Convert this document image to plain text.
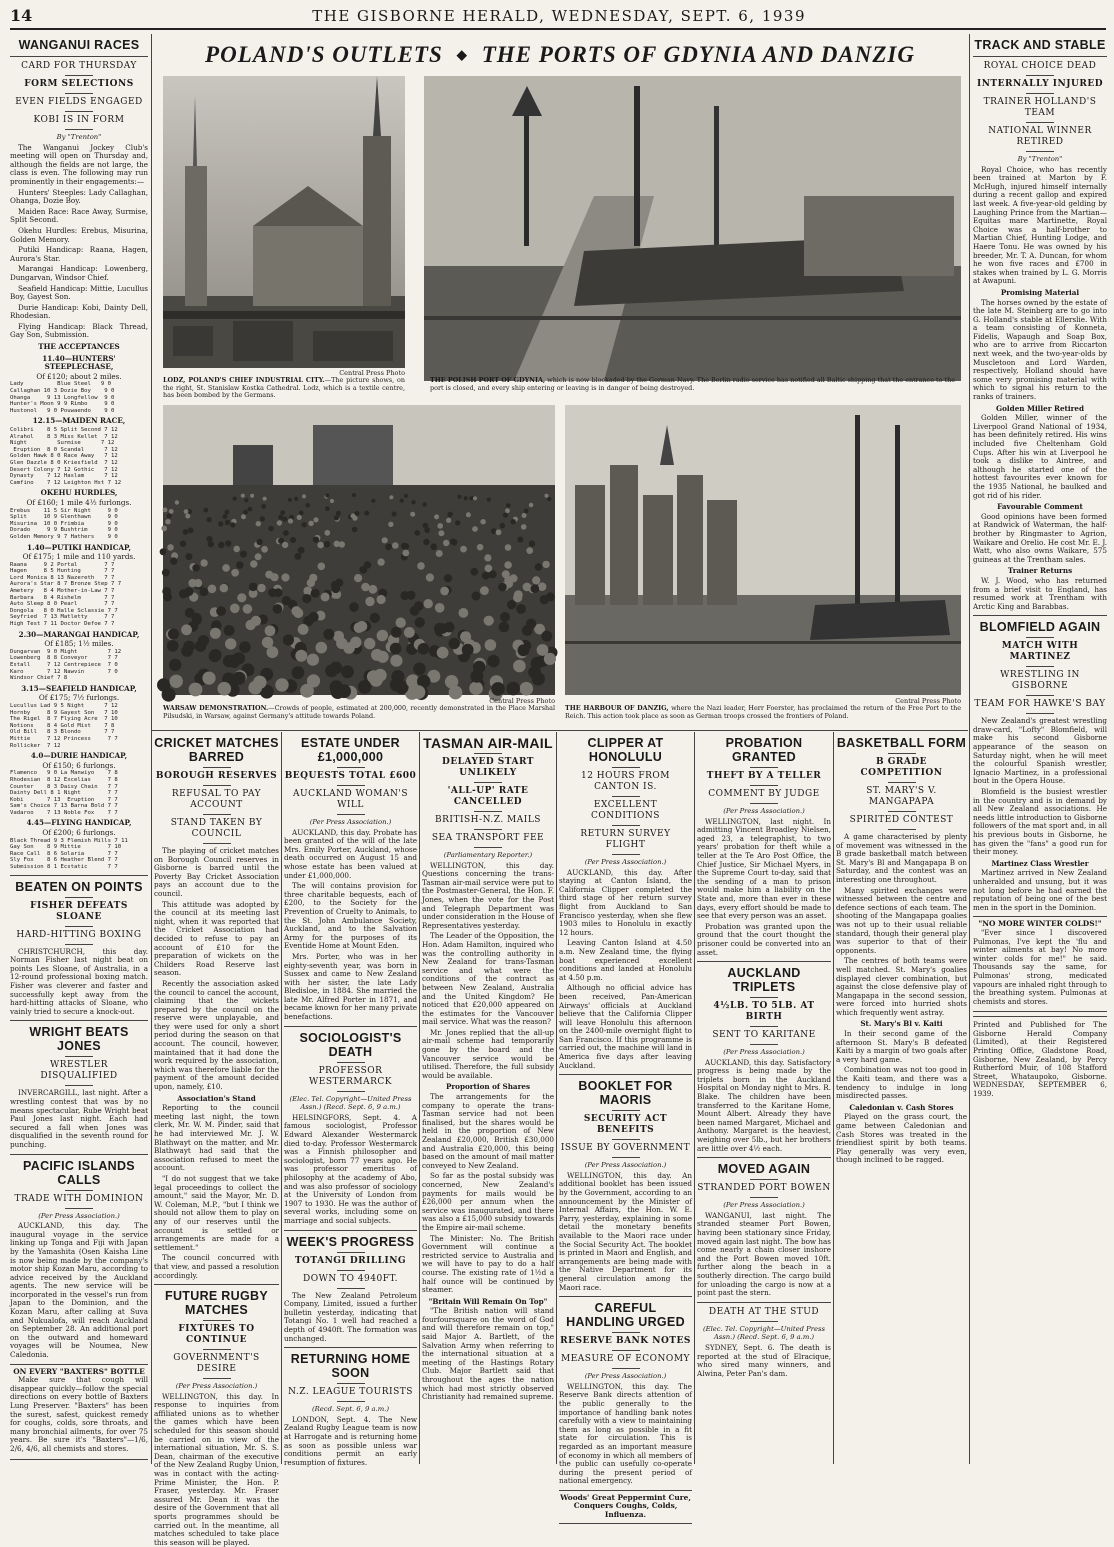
14	THE GISBORNE HERALD, WEDNESDAY, SEPT. 6, 1939
WANGANUI RACES
CARD FOR THURSDAY
FORM SELECTIONS
EVEN FIELDS ENGAGED
KOBI IS IN FORM
By "Trenton"

The Wanganui Jockey Club's meeting will open on Thursday and, although the fields are not large, the class is even. The following may run prominently in their engagements:—

Hunters' Steeples: Lady Callaghan, Ohanga, Dozie Boy.

Maiden Race: Race Away, Surmise, Split Second.

Okehu Hurdles: Erebus, Misurina, Golden Memory.

Putiki Handicap: Raana, Hagen, Aurora's Star.

Marangai Handicap: Lowenberg, Dungarvan, Windsor Chief.

Seafield Handicap: Mittie, Lucullus Boy, Gayest Son.

Durie Handicap: Kobi, Dainty Dell, Rhodesian.

Flying Handicap: Black Thread, Gay Son, Submission.

THE ACCEPTANCES
11.40—HUNTERS' STEEPLECHASE,
Of £120; about 2 miles.
Lady          Blue Steel   9 0
Callaghan 10 3 Dozie Boy    9 0
Ohanga     9 13 Longfellow  9 0
Hunter's Moon 9 9 Rimbo     9 0
Hustonol   9 0 Pouwaendo    9 0
12.15—MAIDEN RACE,
Colibri    8 5 Split Second 7 12
Alrahol    8 3 Miss Kellet  7 12
Night         Surmise      7 12
Eruption  8 0 Scandal      7 12
Golden Hawk 8 0 Race Away   7 12
Glen Dazzle 8 0 Kriesfield  7 12
Desert Colony 7 12 Gothic   7 12
Dynasty    7 12 Haslam      7 12
Camfino    7 12 Leighton Hst 7 12
OKEHU HURDLES,
Of £160; 1 mile 4½ furlongs.
Erebus    11 5 Sir Night     9 0
Split     10 9 Glenthawn     9 0
Misurina  10 0 Frimbia       9 0
Dorado     9 9 Bushtrim      9 0
Golden Memory 9 7 Hathers    9 0
1.40—PUTIKI HANDICAP,
Of £175; 1 mile and 110 yards.
Raana     9 2 Portal        7 7
Hagen     8 5 Hunting       7 7
Lord Monica 8 13 Nazereth   7 7
Aurora's Star 8 7 Bronze Step 7 7
Ametery   8 4 Mother-in-Law 7 7
Barbara   8 4 Rishelm       7 7
Auto Sleep 8 0 Pearl        7 7
Dongola   8 0 Halle Sclassie 7 7
Seyfried  7 13 Matletty     7 7
High Test 7 11 Doctor Defoe 7 7
2.30—MARANGAI HANDICAP,
Of £185; 1½ miles.
Dungarvan  9 0 Might         7 12
Lowenberg  8 8 Conveyor      7 7
Estall     7 12 Centrepiece  7 0
Karo       7 12 Nawvin       7 0
Windsor Chief 7 8
3.15—SEAFIELD HANDICAP,
Of £175; 7½ furlongs.
Lucullus Lad 9 5 Night      7 12
Hornby     8 9 Gayest Son   7 10
The Rigel  8 7 Flying Acre  7 10
Notions    8 4 Gold Mist    7 8
Old Bill   8 3 Blondo       7 7
Mittie     7 12 Princess     7 7
Rollicker  7 12
4.0—DURIE HANDICAP,
Of £150; 6 furlongs.
Flamenco   9 0 La Manwiyo    7 8
Rhodesian  8 12 Excelias     7 8
Counter    8 3 Daisy Chain   7 7
Dainty Dell 8 1 Night        7 7
Kobi       7 13  Eruption    7 7
Sam's Choice 7 13 Barna Bold 7 7
Vadaroo    7 13 Noble Fox    7 7
4.45—FLYING HANDICAP,
Of £200; 6 furlongs.
Black Thread 9 3 Flemish Mills 7 11
Gay Son    8 9 Mittie        7 10
Race Call  8 6 Solaria       7 7
Sly Fox    8 6 Heather Blend 7 7
Submission 8 1 Ecstatic      7 7
BEATEN ON POINTS
FISHER DEFEATS SLOANE
HARD-HITTING BOXING

CHRISTCHURCH, this day. Norman Fisher last night beat on points Les Sloane, of Australia, in a 12-round professional boxing match. Fisher was cleverer and faster and successfully kept away from the hard-hitting attacks of Sloane, who vainly tried to secure a knock-out.

WRIGHT BEATS JONES
WRESTLER DISQUALIFIED

INVERCARGILL, last night. After a wrestling contest that was by no means spectacular, Rube Wright beat Paul Jones last night. Each had secured a fall when Jones was disqualified in the seventh round for punching.

PACIFIC ISLANDS CALLS
TRADE WITH DOMINION
(Per Press Association.)

AUCKLAND, this day. The inaugural voyage in the service linking up Tonga and Fiji with Japan by the Yamashita (Osen Kaisha Line is now being made by the company's motor ship Kozan Maru, according to advice received by the Auckland agents. The new service will be incorporated in the vessel's run from Japan to the Dominion, and the Kozan Maru, after calling at Suva and Nukualofa, will reach Auckland on September 28. An additional port on the outward and homeward voyages will be Noumea, New Caledonia.

ON EVERY "BAXTERS" BOTTLE

Make sure that cough will disappear quickly—follow the special directions on every bottle of Baxters Lung Preserver. "Baxters" has been the surest, safest, quickest remedy for coughs, colds, sore throats, and many bronchial ailments, for over 75 years. Be sure it's "Baxters"—1/6, 2/6, 4/6, all chemists and stores.

POLAND'S OUTLETS ◆ THE PORTS OF GDYNIA AND DANZIG
Central Press Photo
LODZ, POLAND'S CHIEF INDUSTRIAL CITY.—The picture shows, on the right, St. Stanislaw Kostka Cathedral. Lodz, which is a textile centre, has been bombed by the Germans.
THE POLISH PORT OF GDYNIA, which is now blockaded by the German Navy. The Berlin radio service has notified all Baltic shipping that the entrance to the port is closed, and every ship entering or leaving is in danger of being destroyed.
Central Press Photo
WARSAW DEMONSTRATION.—Crowds of people, estimated at 200,000, recently demonstrated in the Place Marshal Pilsudski, in Warsaw, against Germany's attitude towards Poland.
Central Press Photo
THE HARBOUR OF DANZIG, where the Nazi leader, Herr Foerster, has proclaimed the return of the Free Port to the Reich. This action took place as soon as German troops crossed the frontiers of Poland.
CRICKET MATCHES BARRED
BOROUGH RESERVES
REFUSAL TO PAY ACCOUNT
STAND TAKEN BY COUNCIL

The playing of cricket matches on Borough Council reserves in Gisborne is barred until the Poverty Bay Cricket Association pays an account due to the council.

This attitude was adopted by the council at its meeting last night, when it was reported that the Cricket Association had decided to refuse to pay an account of £10 for the preparation of wickets on the Childers Road Reserve last season.

Recently the association asked the council to cancel the account, claiming that the wickets prepared by the council on the reserve were unplayable, and they were used for only a short period during the season on that account. The council, however, maintained that it had done the work required by the association, which was therefore liable for the payment of the amount decided upon, namely, £10.

Association's Stand

Reporting to the council meeting last night, the town clerk, Mr. W. M. Pinder, said that he had interviewed Mr. J. W. Blathwayt on the matter, and Mr. Blathwayt had said that the association refused to meet the account.

"I do not suggest that we take legal proceedings to collect the amount," said the Mayor, Mr. D. W. Coleman, M.P., "but I think we should not allow them to play on any of our reserves until the account is settled or arrangements are made for a settlement."

The council concurred with that view, and passed a resolution accordingly.

FUTURE RUGBY MATCHES
FIXTURES TO CONTINUE
GOVERNMENT'S DESIRE
(Per Press Association.)

WELLINGTON, this day. In response to inquiries from affiliated unions as to whether the games which have been scheduled for this season should be carried on in view of the international situation, Mr. S. S. Dean, chairman of the executive of the New Zealand Rugby Union, was in contact with the acting-Prime Minister, the Hon. P. Fraser, yesterday. Mr. Fraser assured Mr. Dean it was the desire of the Government that all sports programmes should be carried out. In the meantime, all matches scheduled to take place this season will be played.

ESTATE UNDER £1,000,000
BEQUESTS TOTAL £600
AUCKLAND WOMAN'S WILL
(Per Press Association.)

AUCKLAND, this day. Probate has been granted of the will of the late Mrs. Emily Porter, Auckland, whose death occurred on August 15 and whose estate has been valued at under £1,000,000.

The will contains provision for three charitable bequests, each of £200, to the Society for the Prevention of Cruelty to Animals, to the St. John Ambulance Society, Auckland, and to the Salvation Army for the purposes of its Eventide Home at Mount Eden.

Mrs. Porter, who was in her eighty-seventh year, was born in Sussex and came to New Zealand with her sister, the late Lady Bledisloe, in 1884. She married the late Mr. Alfred Porter in 1871, and became known for her many private benefactions.

SOCIOLOGIST'S DEATH
PROFESSOR WESTERMARCK
(Elec. Tel. Copyright—United Press Assn.) (Recd. Sept. 6, 9 a.m.)

HELSINGFORS, Sept. 4. A famous sociologist, Professor Edward Alexander Westermarck died to-day. Professor Westermarck was a Finnish philosopher and sociologist, born 77 years ago. He was professor emeritus of philosophy at the academy of Abo, and was also professor of sociology at the University of London from 1907 to 1930. He was the author of several works, including some on marriage and social subjects.

WEEK'S PROGRESS
TOTANGI DRILLING
DOWN TO 4940FT.

The New Zealand Petroleum Company, Limited, issued a further bulletin yesterday, indicating that Totangi No. 1 well had reached a depth of 4940ft. The formation was unchanged.

RETURNING HOME SOON
N.Z. LEAGUE TOURISTS
(Recd. Sept. 6, 9 a.m.)

LONDON, Sept. 4. The New Zealand Rugby League team is now at Harrogate and is returning home as soon as possible unless war conditions permit an early resumption of fixtures.

TASMAN AIR-MAIL
DELAYED START UNLIKELY
'ALL-UP' RATE CANCELLED
BRITISH-N.Z. MAILS
SEA TRANSPORT FEE
(Parliamentary Reporter.)

WELLINGTON, this day. Questions concerning the trans-Tasman air-mail service were put to the Postmaster-General, the Hon. F. Jones, when the vote for the Post and Telegraph Department was under consideration in the House of Representatives yesterday.

The Leader of the Opposition, the Hon. Adam Hamilton, inquired who was the controlling authority in New Zealand for trans-Tasman service and what were the conditions of the contract as between New Zealand, Australia and the United Kingdom? He noticed that £20,000 appeared on the estimates for the Vancouver mail service. What was the reason?

Mr. Jones replied that the all-up air-mail scheme had temporarily gone by the board and the Vancouver service would be utilised. Therefore, the full subsidy would be available.

Proportion of Shares

The arrangements for the company to operate the trans-Tasman service had not been finalised, but the shares would be held in the proportion of New Zealand £20,000, British £30,000 and Australia £20,000, this being based on the amount of mail matter conveyed to New Zealand.

So far as the postal subsidy was concerned, New Zealand's payments for mails would be £26,000 per annum when the service was inaugurated, and there was also a £15,000 subsidy towards the Empire air-mail scheme.

The Minister: No. The British Government will continue a restricted service to Australia and we will have to pay to do a half course. The existing rate of 1½d a half ounce will be continued by steamer.

"Britain Will Remain On Top"

"The British nation will stand fourfoursquare on the word of God and will therefore remain on top," said Major A. Bartlett, of the Salvation Army when referring to the international situation at a meeting of the Hastings Rotary Club. Major Bartlett said that throughout the ages the nation which had most strictly observed Christianity had remained supreme.

CLIPPER AT HONOLULU
12 HOURS FROM CANTON IS.
EXCELLENT CONDITIONS
RETURN SURVEY FLIGHT
(Per Press Association.)

AUCKLAND, this day. After staying at Canton Island, the California Clipper completed the third stage of her return survey flight from Auckland to San Francisco yesterday, when she flew 1903 miles to Honolulu in exactly 12 hours.

Leaving Canton Island at 4.50 a.m. New Zealand time, the flying boat experienced excellent conditions and landed at Honolulu at 4.50 p.m.

Although no official advice has been received, Pan-American Airways' officials at Auckland believe that the California Clipper will leave Honolulu this afternoon on the 2400-mile overnight flight to San Francisco. If this programme is carried out, the machine will land in America five days after leaving Auckland.

BOOKLET FOR MAORIS
SECURITY ACT BENEFITS
ISSUE BY GOVERNMENT
(Per Press Association.)

WELLINGTON, this day. An additional booklet has been issued by the Government, according to an announcement by the Minister of Internal Affairs, the Hon. W. E. Parry, yesterday, explaining in some detail the monetary benefits available to the Maori race under the Social Security Act. The booklet is printed in Maori and English, and arrangements are being made with the Native Department for its general circulation among the Maori race.

CAREFUL HANDLING URGED
RESERVE BANK NOTES
MEASURE OF ECONOMY
(Per Press Association.)

WELLINGTON, this day. The Reserve Bank directs attention of the public generally to the importance of handling bank notes carefully with a view to maintaining them as long as possible in a fit state for circulation. This is regarded as an important measure of economy in which all members of the public can usefully co-operate during the present period of national emergency.

Woods' Great Peppermint Cure, Conquers Coughs, Colds, Influenza.
PROBATION GRANTED
THEFT BY A TELLER
COMMENT BY JUDGE
(Per Press Association.)

WELLINGTON, last night. In admitting Vincent Broadley Nielsen, aged 23, a telegraphist, to two years' probation for theft while a teller at the Te Aro Post Office, the Chief Justice, Sir Michael Myers, in the Supreme Court to-day, said that the sending of a man to prison would make him a liability on the State and, more than ever in these days, every effort should be made to see that every person was an asset.

Probation was granted upon the ground that the court thought the prisoner could be converted into an asset.

AUCKLAND TRIPLETS
4½LB. TO 5LB. AT BIRTH
SENT TO KARITANE
(Per Press Association.)

AUCKLAND, this day. Satisfactory progress is being made by the triplets born in the Auckland Hospital on Monday night to Mrs. R. Blake. The children have been transferred to the Karitane Home, Mount Albert. Already they have been named Margaret, Michael and Anthony. Margaret is the heaviest, weighing over 5lb., but her brothers are little over 4½ each.

MOVED AGAIN
STRANDED PORT BOWEN
(Per Press Association.)

WANGANUI, last night. The stranded steamer Port Bowen, having been stationary since Friday, moved again last night. The bow has come nearly a chain closer inshore and the Port Bowen moved 10ft. further along the beach in a southerly direction. The cargo build for unloading the cargo is now at a point past the stern.

DEATH AT THE STUD
(Elec. Tel. Copyright—United Press Assn.) (Recd. Sept. 6, 9 a.m.)

SYDNEY, Sept. 6. The death is reported at the stud of Elracique, who sired many winners, and Alwina, Peter Pan's dam.

BASKETBALL FORM
B GRADE COMPETITION
ST. MARY'S V. MANGAPAPA
SPIRITED CONTEST

A game characterised by plenty of movement was witnessed in the B grade basketball match between St. Mary's Bl and Mangapapa B on Saturday, and the contest was an interesting one throughout.

Many spirited exchanges were witnessed between the centre and defence sections of each team. The shooting of the Mangapapa goalies was not up to their usual reliable standard, though their general play was superior to that of their opponents.

The centres of both teams were well matched. St. Mary's goalies displayed clever combination, but against the close defensive play of Mangapapa in the second session, were forced into hurried shots which frequently went astray.

St. Mary's Bl v. Kaiti

In their second game of the afternoon St. Mary's B defeated Kaiti by a margin of two goals after a very hard game.

Combination was not too good in the Kaiti team, and there was a tendency to indulge in long misdirected passes.

Caledonian v. Cash Stores

Played on the grass court, the game between Caledonian and Cash Stores was treated in the friendliest spirit by both teams. Play generally was very even, though inclined to be ragged.

TRACK AND STABLE
ROYAL CHOICE DEAD
INTERNALLY INJURED
TRAINER HOLLAND'S TEAM
NATIONAL WINNER RETIRED
By "Trenton"

Royal Choice, who has recently been trained at Marton by F. McHugh, injured himself internally during a recent gallop and expired last week. A five-year-old gelding by Laughing Prince from the Martian—Equitas mare Martinette, Royal Choice was a half-brother to Martian Chief, Hunting Lodge, and Haere Tonu. He was owned by his breeder, Mr. T. A. Duncan, for whom he won five races and £700 in stakes when trained by L. G. Morris at Awapuni.

Promising Material

The horses owned by the estate of the late M. Steinberg are to go into G. Holland's stable at Ellerslie. With a team consisting of Konneta, Fidelis, Wapaugh and Soap Box, who are to arrive from Riccarton next week, and the two-year-olds by Muscletoon and Lord Warden, respectively, Holland should have some very promising material with which to signal his return to the ranks of trainers.

Golden Miller Retired

Golden Miller, winner of the Liverpool Grand National of 1934, has been definitely retired. His wins included five Cheltenham Gold Cups. After his win at Liverpool he took a dislike to Aintree, and although he started one of the hottest favourites ever known for the 1935 National, he baulked and got rid of his rider.

Favourable Comment

Good opinions have been formed at Randwick of Waterman, the half-brother by Ringmaster to Agrion, Waikare and Orelio. He cost Mr. E. J. Watt, who also owns Waikare, 575 guineas at the Trentham sales.

Trainer Returns

W. J. Wood, who has returned from a brief visit to England, has resumed work at Trentham with Arctic King and Barabbas.

BLOMFIELD AGAIN
MATCH WITH MARTINEZ
WRESTLING IN GISBORNE
TEAM FOR HAWKE'S BAY

New Zealand's greatest wrestling draw-card, "Lofty" Blomfield, will make his second Gisborne appearance of the season on Saturday night, when he will meet the colourful Spanish wrestler, Ignacio Martinez, in a professional bout in the Opera House.

Blomfield is the busiest wrestler in the country and is in demand by all New Zealand associations. He needs little introduction to Gisborne followers of the mat sport and, in all his previous bouts in Gisborne, he has given the "fans" a good run for their money.

Martinez Class Wrestler

Martinez arrived in New Zealand unheralded and unsung, but it was not long before he had earned the reputation of being one of the best men in the sport in the Dominion.

"NO MORE WINTER COLDS!"

"Ever since I discovered Pulmonas, I've kept the 'flu and winter ailments at bay! No more winter colds for me!" he said. Thousands say the same, for Pulmonas' strong, medicated vapours are inhaled right through to the breathing system. Pulmonas at chemists and stores.

Printed and Published for The Gisborne Herald Company (Limited), at their Registered Printing Office, Gladstone Road, Gisborne, New Zealand, by Percy Rutherford Muir, of 108 Stafford Street, Whataupoko, Gisborne. WEDNESDAY, SEPTEMBER 6, 1939.
